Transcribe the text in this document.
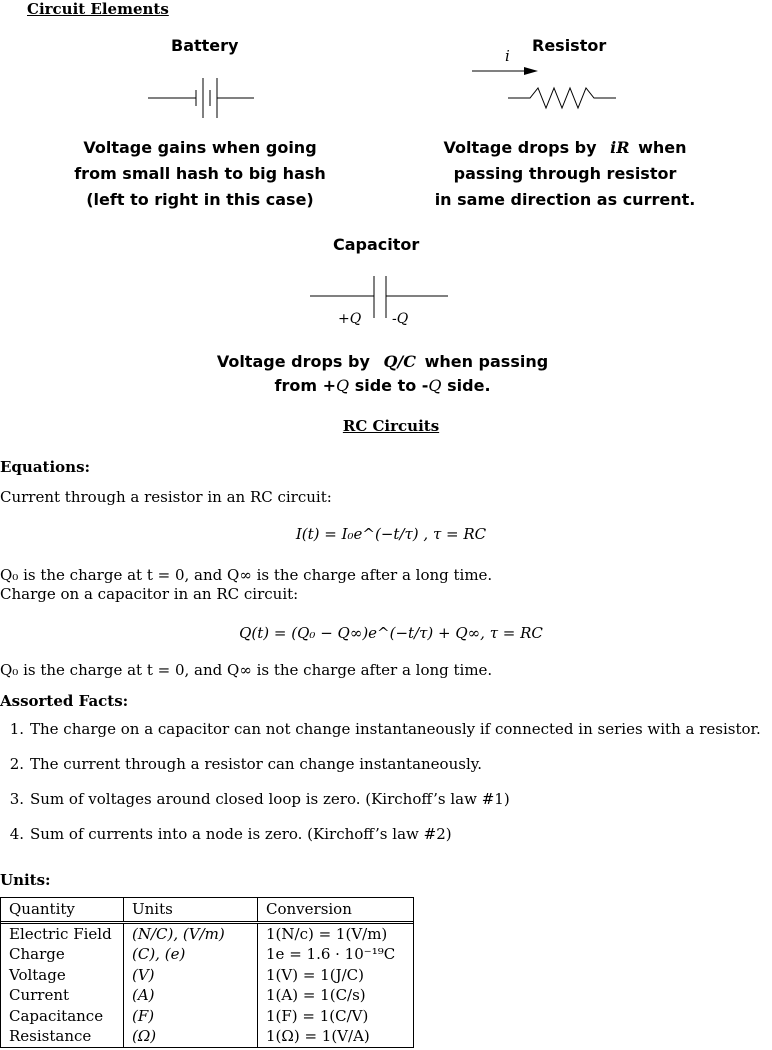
Circuit Elements
Battery
Voltage gains when going
from small hash to big hash
(left to right in this case)
Resistor
i
Voltage drops by iR when
passing through resistor
in same direction as current.
Capacitor
+Q -Q
Voltage drops by Q/C when passing
from +Q side to -Q side.
RC Circuits
Equations:
Current through a resistor in an RC circuit:
I(t) = I₀e^(−t/τ) , τ = RC
Q₀ is the charge at t = 0, and Q∞ is the charge after a long time.
Charge on a capacitor in an RC circuit:
Q(t) = (Q₀ − Q∞)e^(−t/τ) + Q∞, τ = RC
Q₀ is the charge at t = 0, and Q∞ is the charge after a long time.
Assorted Facts:
1. The charge on a capacitor can not change instantaneously if connected in series with a resistor.
2. The current through a resistor can change instantaneously.
3. Sum of voltages around closed loop is zero. (Kirchoff’s law #1)
4. Sum of currents into a node is zero. (Kirchoff’s law #2)
Units:
Quantity	Units	Conversion
Electric Field	(N/C), (V/m)	1(N/c) = 1(V/m)
Charge	(C), (e)	1e = 1.6 · 10⁻¹⁹C
Voltage	(V)	1(V) = 1(J/C)
Current	(A)	1(A) = 1(C/s)
Capacitance	(F)	1(F) = 1(C/V)
Resistance	(Ω)	1(Ω) = 1(V/A)
